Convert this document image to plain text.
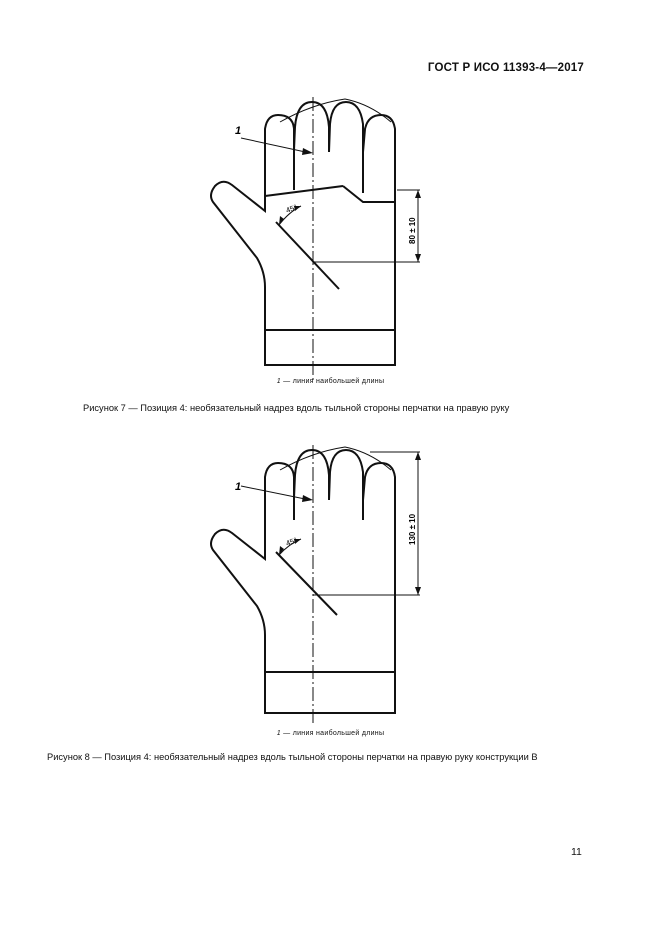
ГОСТ Р ИСО 11393-4—2017
1
45°
80 ± 10
1 — линия наибольшей длины
Рисунок 7 — Позиция 4: необязательный надрез вдоль тыльной стороны перчатки на правую руку
1
45°	130 ± 10
1 — линия наибольшей длины
Рисунок 8 — Позиция 4: необязательный надрез вдоль тыльной стороны перчатки на правую руку конструкции В
11
